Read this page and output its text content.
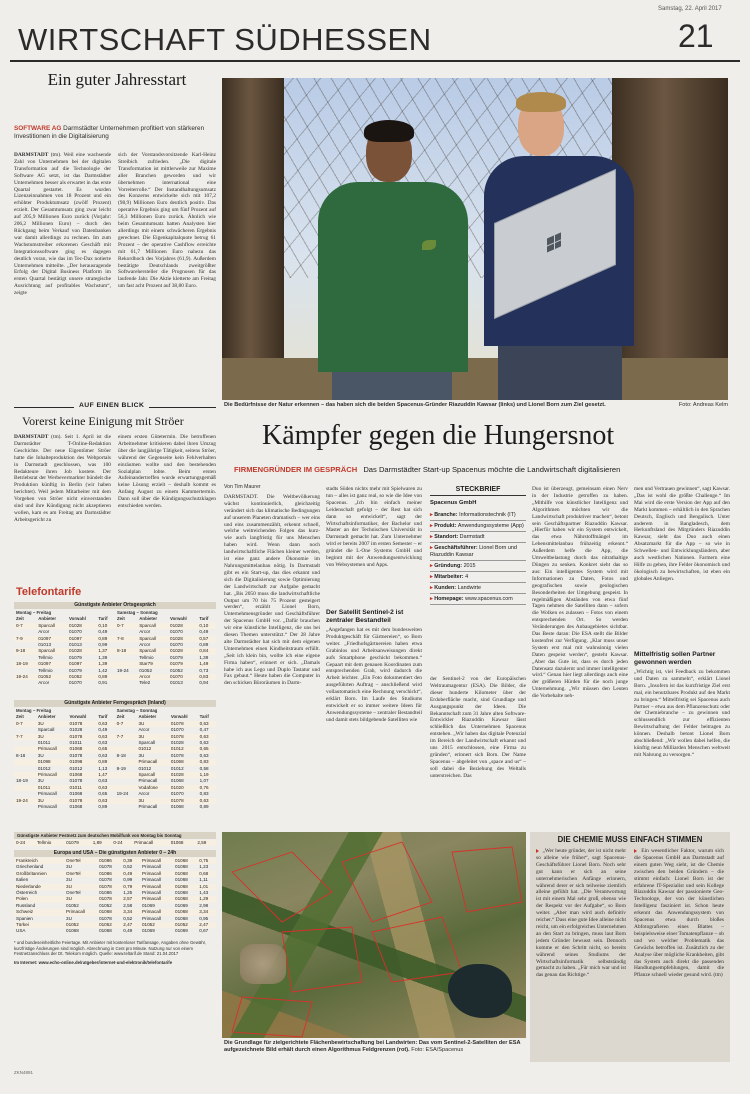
WIRTSCHAFT SÜDHESSEN
Samstag, 22. April 2017
21
Ein guter Jahresstart
SOFTWARE AG Darmstädter Unternehmen profitiert von stärkeren Investitionen in die Digitalisierung
DARMSTADT (tm). Weil eine wachsende Zahl von Unternehmen bei der digitalen Transformation auf die Technologie der Software AG setzt, ist das Darmstädter Unternehmen besser als erwartet in das erste Quartal gestartet. Es wurden Lizenzeinnahmen von 18 Prozent und ein erhöhter Produktumsatz (zwölf Prozent) erzielt. Der Gesamtumsatz ging zwar leicht auf 205,9 Millionen Euro zurück (Vorjahr: 206,2 Millionen Euro) – durch den Rückgang beim Verkauf von Datenbanken war damit allerdings zu rechnen. Im zum Wachstumstreiber erkorenen Geschäft mit Integrationssoftware ging es dagegen deutlich voran, wie das im Tec-Dax notierte Unternehmen mitteilte. „Der herausragende Erfolg der Digital Business Platform im ersten Quartal bestätigt unsere strategische Ausrichtung auf profitables Wachstum“, zeigte
sich der Vorstandsvorsitzende Karl-Heinz Streibich zufrieden. „Die digitale Transformation ist mittlerweile zur Maxime aller Branchen geworden und wir übernehmen international eine Vorreiterrolle.“ Der Instandhaltungsumsatz des Konzerns entwickelte sich mit 107,2 (98,9) Millionen Euro deutlich positiv. Das operative Ergebnis ging um fünf Prozent auf 56,3 Millionen Euro zurück. Ähnlich wie beim Gesamtumsatz hatten Analysten hier allerdings mit einem schwächeren Ergebnis gerechnet. Die Eigenkapitalquote betrug 61 Prozent – der operative Cashflow erreichte mit 61,7 Millionen Euro nahezu das Rekordhoch des Vorjahres (61,9). Außerdem bestätigte Deutschlands zweitgrößter Softwarehersteller die Prognosen für das laufende Jahr. Die Aktie kletterte am Freitag um fast acht Prozent auf 38,80 Euro.
AUF EINEN BLICK
Vorerst keine Einigung mit Ströer
DARMSTADT (tm). Seit 1. April ist die Darmstädter T-Online-Redaktion Geschichte. Der neue Eigentümer Ströer hatte die Inhalteproduktion des Webportals in Darmstadt geschlossen, was 100 Redakteure ihren Job kostete. Der Betriebsrat der Werbevermarkter bündelt die Produktion künftig in Berlin (wir haben berichtet). Weil jedem Mitarbeiter mit dem Vorgehen von Ströer nicht einverstanden sind und ihre Kündigung nicht akzeptieren wollen, kam es am Freitag am Darmstädter Arbeitsgericht zu
einem ersten Gütetermin. Die betroffenen Arbeitnehmer kritisieren dabei ihren Umzug über die langjährige Tätigkeit, seitens Ströer, während der Gegenseite kein Fehlverhalten einräumen wollte und den bestehenden Sozialplan lobte. Beim ersten Aufeinandertreffen wurde erwartungsgemäß keine Lösung erzielt – deshalb kommt es Anfang August zu einem Kammertermin. Dann soll über die Kündigungsschutzklagen entschieden werden.
Telefontarife
Günstigste Anbieter Ortsgespräch
Montag – Freitag				Samstag – Sonntag			
Zeit	Anbieter	Vorwahl	Tarif	Zeit	Anbieter	Vorwahl	Tarif
0-7	Sparcall	01028	0,10	0-7	Sparcall	01028	0,10
	Arcor	01070	0,49		Arcor	01070	0,49
7-9	01097	01097	0,89	7-8	Sparcall	01028	0,57
	01013	01013	0,99		Arcor	01070	0,89
9-18	Sparcall	01028	1,37	8-18	Sparcall	01028	0,84
	Tellmio	01079	1,39		Tellmio	01079	1,39
18-19	01097	01097	1,39		Star79	01079	1,49
	Tellmio	01079	1,42	19-24	01052	01052	0,73
19-24	01052	01052	0,89		Arcor	01070	0,83
	Arcor	01070	0,91		Tele2	01013	0,94
Günstigste Anbieter Ferngespräch (Inland)
Montag – Freitag				Samstag – Sonntag			
Zeit	Anbieter	Vorwahl	Tarif	Zeit	Anbieter	Vorwahl	Tarif
0-7	3U	01078	0,63	0-7	3U	01078	0,63
	Sparcall	01028	0,49		Arcor	01070	0,47
7-7	3U	01078	0,63	7-7	3U	01078	0,63
	01011	01011	0,63		Sparcall	01028	0,63
	Primacall	01068	0,65		01012	01012	0,65
8-18	3U	01078	0,63	8-18	3U	01078	0,63
	01098	01098	0,89		Primacall	01068	0,83
	01012	01012	1,13	8-19	01012	01012	0,58
	Primacall	01068	1,47		Sparcall	01028	1,19
18-19	3U	01078	0,63		Primacall	01068	1,07
	01011	01011	0,63		Vodafone	01020	0,76
	Primacall	01068	0,65	19-24	Arcor	01070	0,83
19-24	3U	01078	0,63		3U	01078	0,63
	Primacall	01068	0,89		Primacall	01068	0,89
Günstigste Anbieter Festnetz zum deutschen Mobilfunk von Montag bis Sonntag
0-24	Tellmio	01079	1,89	0-24	Primacall	01068	2,59
Europa und USA – Die günstigsten Anbieter 0 – 24h
Frankreich	OneTel	01086	0,39	Primacall	01068	0,75
Griechenland	3U	01078	0,52	Primacall	01068	1,23
Großbritannien	OneTel	01086	0,49	Primacall	01068	0,68
Italien	3U	01078	0,99	Primacall	01068	1,11
Niederlande	3U	01078	0,79	Primacall	01068	1,01
Österreich	OneTel	01086	1,25	Primacall	01068	1,43
Polen	3U	01078	2,57	Primacall	01068	1,29
Russland	01052	01052	2,58	01069	01069	2,98
Schweiz	Primacall	01068	3,34	Primacall	01068	3,34
Spanien	3U	01078	0,52	Primacall	01068	0,95
Türkei	01052	01052	2,47	01052	01052	2,47
USA	01068	01068	0,49	01069	01069	0,67
* und bundeseinheitliche Feiertage. Mit Anbieter mit kostenloser Tarifansage, Angaben ohne Gewähr, kurzfristige Änderungen sind möglich. Abrechnung in Cent pro Minute. Nutzung nur von einem Festnetzanschluss der Dt. Telekom möglich. Quelle: www.teltarif.de Stand: 21.04.2017
Im Internet: www.echo-online.de/ratgeber/internet-und-elektronik/telefontarife
Die Bedürfnisse der Natur erkennen – das haben sich die beiden Spacenus-Gründer Riazuddin Kawsar (links) und Lionel Born zum Ziel gesetzt.	Foto: Andreas Kelm
Kämpfer gegen die Hungersnot
FIRMENGRÜNDER IM GESPRÄCH Das Darmstädter Start-up Spacenus möchte die Landwirtschaft digitalisieren
Von Tim Maurer
DARMSTADT. Die Weltbevölkerung wächst kontinuierlich, gleichzeitig verändert sich das klimatische Bedingungen auf unserem Planeten dramatisch – wer eins und eins zusammenzählt, erkennt schnell, welche weitreichenden Folgen das kurz- wie auch langfristig für uns Menschen haben wird. Wenn dann noch landwirtschaftliche Flächen kleiner werden, ist eine ganz andere Ökonomie im Nahrungsmittelanbau nötig. In Darmstadt gibt es ein Start-up, das dies erkannt und sich die Digitalisierung sowie Optimierung der Landwirtschaft zur Aufgabe gemacht hat. „Bis 2050 muss die landwirtschaftliche Output um 70 bis 75 Prozent gesteigert werden“, erzählt Lionel Born, Unternehmensgründer und Geschäftsführer der Spacenus GmbH vor. „Dafür brauchen wir eine künstliche Intelligenz, die uns bei diesen Themen unterstützt.“ Der 28 Jahre alte Darmstädter hat sich mit dem eigenen Unternehmen einen Kindheitstraum erfüllt. „Seit ich klein bin, wollte ich eine eigene Firma haben“, erinnert er sich. „Damals habe ich aus Lego und Duplo Tastatur und Fax gebaut.“ Heute haben die Computer in den schicken Büroräumen in Darm-
stadts Süden nichts mehr mit Spielwaren zu tun – alles ist ganz real, so wie die Idee von Spacenus. „Ich bin einfach meiner Leidenschaft gefolgt – der Rest hat sich dann so entwickelt“, sagt der Wirtschaftsinformatiker, der Bachelor und Master an der Technischen Universität in Darmstadt gemacht hat. Zum Unternehmer wird er bereits 2007 im ersten Semester – er gründet die L-One Systems GmbH und beginnt mit der Anwendungsentwicklung von Websystemen und Apps.
Der Satellit Sentinel-2 ist zentraler Bestandteil
„Angefangen hat es mit dem bundesweiten Produktgeschäft für Gärtnereien“, so Born weiter. „Friedhofsgärtnereien haben etwa Grabinlos und Arbeitsanweisungen direkt aufs Smartphone geschickt bekommen.“ Gepaart mit dem genauen Koordinaten zum entsprechenden Grab, wird dadurch die Arbeit leichter. „Ein Foto dokumentiert den ausgeführten Auftrag – anschließend wird vollautomatisch eine Rechnung verschickt“, erklärt Born. Im Laufe des Studiums entwickelt er so immer weitere Ideen für Anwendungssysteme – zentraler Bestandteil und damit stets bildgebende Satelliten wie
STECKBRIEF
Spacenus GmbH
▸ Branche: Informationstechnik (IT)
▸ Produkt: Anwendungssysteme (App)
▸ Standort: Darmstadt
▸ Geschäftsführer: Lionel Born und Riazuddin Kawsar
▸ Gründung: 2015
▸ Mitarbeiter: 4
▸ Kunden: Landwirte
▸ Homepage: www.spacenus.com
der Sentinel-2 von der Europäischen Weltraumagentur (ESA). Die Bilder, die dieser hunderte Kilometer über der Erdoberfläche macht, sind Grundlage und Ausgangspunkt der Ideen. Die Bekanntschaft zum 31 Jahre alten Software-Entwickler Riazuddin Kawsar lässt schließlich das Unternehmen Spacenus entstehen. „Wir haben das digitale Potenzial im Bereich der Landwirtschaft erkannt und uns 2015 entschlossen, eine Firma zu gründen“, erinnert sich Born. Der Name Spacenus – abgeleitet von „space and us“ – soll dabei die Beziehung des Weltalls unterstreichen. Das
Duo ist überzeugt, gemeinsam einen Nerv in der Industrie getroffen zu haben. „Mithilfe von künstlicher Intelligenz und Algorithmen möchten wir die Landwirtschaft produktiver machen“, betont sein Geschäftspartner Riazuddin Kawsar. „Hierfür haben wir ein System entwickelt, das etwa Nährstoffmängel im Lebensmittelanbau frühzeitig erkennt.“ Außerdem helfe die App, die Umweltbelastung durch das nitrathaltige Düngen zu senken. Konkret sieht das so aus: Ein intelligentes System wird mit Informationen zu Daten, Fotos und geografischen sowie geologischen Besonderheiten der Umgebung gespeist. In regelmäßigen Abständen von etwa fünf Tagen nehmen die Satelliten dann – sofern die Wolken es zulassen – Fotos von einem entsprechenden Ort. So werden Veränderungen des Anbaugebietes sichtbar. Das Beste daran: Die ESA stellt die Bilder kostenfrei zur Verfügung. „Klar muss unser System erst mal mit wahnsinnig vielen Daten gespeist werden“, gesteht Kawsar. „Aber das Gute ist, dass es durch jeden Datensatz dazulernt und immer intelligenter wird.“ Genau hier liegt allerdings auch eine der größeren Hürden für die noch junge Unternehmung. „Wir müssen den Leuten die Vorbehalte neh-
men und Vertrauen gewinnen“, sagt Kawsar. „Das ist wohl die größte Challenge.“ Im Mai wird die erste Version der App auf den Markt kommen – erhältlich in den Sprachen Deutsch, Englisch und Bengalisch. Unter anderem in Bangladesch, dem Herkunftsland des Mitgründers Riazuddin Kawsar, sieht das Duo auch einen Absatzmarkt für die App – so wie in Schwellen- und Entwicklungsländern, aber auch westlichen Nationen. Farmern eine Hilfe zu geben, ihre Felder ökonomisch und ökologisch zu bewirtschaften, ist eben ein globales Anliegen.
Mittelfristig sollen Partner gewonnen werden
„Wichtig ist, viel Feedback zu bekommen und Daten zu sammeln“, erklärt Lionel Born. „Insofern ist das kurzfristige Ziel erst mal, ein benutzbares Produkt auf den Markt zu bringen.“ Mittelfristig sei Spacenus auch Partner – etwa aus dem Pflanzenschutz oder der Chemiebranche – zu gewinnen und schlussendlich zur effizienten Bewirtschaftung der Felder beitragen zu können. Deshalb betont Lionel Born abschließend: „Wir wollen dabei helfen, die künftig neun Milliarden Menschen weltweit mit Nahrung zu versorgen.“
Die Grundlage für zielgerichtete Flächenbewirtschaftung bei Landwirten: Das vom Sentinel-2-Satelliten der ESA aufgezeichnete Bild erhält durch einen Algorithmus Feldgrenzen (rot). Foto: ESA/Spacenus
DIE CHEMIE MUSS EINFACH STIMMEN
„Wer heute gründet, der ist nicht mehr so alleine wie früher“, sagt Spacenus-Geschäftsführer Lionel Born. Noch sehr gut kann er sich an seine unternehmerischen Anfänge erinnern, während derer er sich teilweise ziemlich alleine gefühlt hat. „Die Verantwortung ist mit einem Mal sehr groß, ebenso wie der Respekt vor der Aufgabe“, so Born weiter. „Aber man wird auch definitiv reicher.“ Dass eine gute Idee alleine nicht reicht, um ein erfolgreiches Unternehmen an den Start zu bringen, muss laut Born jedem Gründer bewusst sein. Dennoch komme er den Schritt nicht, so bereits während seines Studiums der Wirtschaftsinformatik selbstständig gemacht zu haben. „Für mich war und ist das genau das Richtige.“
Ein wesentlicher Faktor, warum sich die Spacenus GmbH aus Darmstadt auf einem guten Weg sieht, ist die Chemie zwischen den beiden Gründern – die stimmt einfach: Lionel Born ist der erfahrene IT-Spezialist und sein Kollege Riazuddin Kawsar der passionierte Geo-Technologe, der von der künstlichen Intelligenz fasziniert ist. Schon heute erkennt das Anwendungssystem von Spacenus etwa durch bloßes Abfotografieren eines Blattes – beispielsweise einer Tomatenpflanze – ob und wo welcher Problematik das Gewächs betroffen ist. Zusätzlich zu der Analyse über mögliche Krankheiten, gibt das System auch direkt die passenden Handlungsempfehlungen, damit die Pflanze schnell wieder gesund wird. (tm)
ZKN4891
